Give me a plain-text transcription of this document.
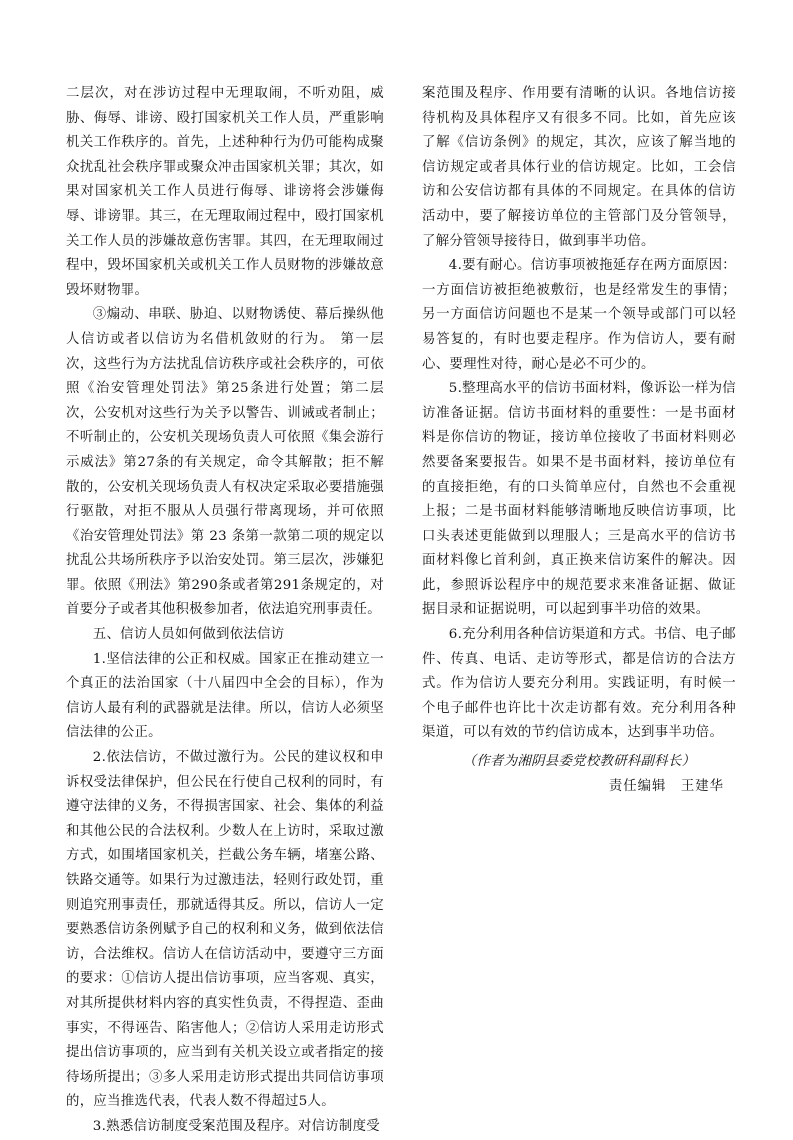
二层次，对在涉访过程中无理取闹，不听劝阻，威胁、侮辱、诽谤、殴打国家机关工作人员，严重影响机关工作秩序的。首先，上述种种行为仍可能构成聚众扰乱社会秩序罪或聚众冲击国家机关罪；其次，如果对国家机关工作人员进行侮辱、诽谤将会涉嫌侮辱、诽谤罪。其三，在无理取闹过程中，殴打国家机关工作人员的涉嫌故意伤害罪。其四，在无理取闹过程中，毁坏国家机关或机关工作人员财物的涉嫌故意毁坏财物罪。

③煽动、串联、胁迫、以财物诱使、幕后操纵他人信访或者以信访为名借机敛财的行为。 第一层次，这些行为方法扰乱信访秩序或社会秩序的，可依照《治安管理处罚法》第25条进行处置；第二层次，公安机对这些行为关予以警告、训诫或者制止；不听制止的，公安机关现场负责人可依照《集会游行示威法》第27条的有关规定，命令其解散；拒不解散的，公安机关现场负责人有权决定采取必要措施强行驱散，对拒不服从人员强行带离现场，并可依照《治安管理处罚法》第 23 条第一款第二项的规定以扰乱公共场所秩序予以治安处罚。第三层次，涉嫌犯罪。依照《刑法》第290条或者第291条规定的，对首要分子或者其他积极参加者，依法追究刑事责任。

五、信访人员如何做到依法信访

1.坚信法律的公正和权威。国家正在推动建立一个真正的法治国家（十八届四中全会的目标），作为信访人最有利的武器就是法律。所以，信访人必须坚信法律的公正。

2.依法信访，不做过激行为。公民的建议权和申诉权受法律保护，但公民在行使自己权利的同时，有遵守法律的义务，不得损害国家、社会、集体的利益和其他公民的合法权利。少数人在上访时，采取过激方式，如围堵国家机关，拦截公务车辆，堵塞公路、铁路交通等。如果行为过激违法，轻则行政处罚，重则追究刑事责任，那就适得其反。所以，信访人一定要熟悉信访条例赋予自己的权利和义务，做到依法信访，合法维权。信访人在信访活动中，要遵守三方面的要求：①信访人提出信访事项，应当客观、真实，对其所提供材料内容的真实性负责，不得捏造、歪曲事实，不得诬告、陷害他人；②信访人采用走访形式提出信访事项的，应当到有关机关设立或者指定的接待场所提出；③多人采用走访形式提出共同信访事项的，应当推选代表，代表人数不得超过5人。

3.熟悉信访制度受案范围及程序。对信访制度受

案范围及程序、作用要有清晰的认识。各地信访接待机构及具体程序又有很多不同。比如，首先应该了解《信访条例》的规定，其次，应该了解当地的信访规定或者具体行业的信访规定。比如，工会信访和公安信访都有具体的不同规定。在具体的信访活动中，要了解接访单位的主管部门及分管领导，了解分管领导接待日，做到事半功倍。

4.要有耐心。信访事项被拖延存在两方面原因：一方面信访被拒绝被敷衍，也是经常发生的事情；另一方面信访问题也不是某一个领导或部门可以轻易答复的，有时也要走程序。作为信访人，要有耐心、要理性对待，耐心是必不可少的。

5.整理高水平的信访书面材料，像诉讼一样为信访准备证据。信访书面材料的重要性：一是书面材料是你信访的物证，接访单位接收了书面材料则必然要备案要报告。如果不是书面材料，接访单位有的直接拒绝，有的口头简单应付，自然也不会重视上报；二是书面材料能够清晰地反映信访事项，比口头表述更能做到以理服人；三是高水平的信访书面材料像匕首利剑，真正换来信访案件的解决。因此，参照诉讼程序中的规范要求来准备证据、做证据目录和证据说明，可以起到事半功倍的效果。

6.充分利用各种信访渠道和方式。书信、电子邮件、传真、电话、走访等形式，都是信访的合法方式。作为信访人要充分利用。实践证明，有时候一个电子邮件也许比十次走访都有效。充分利用各种渠道，可以有效的节约信访成本，达到事半功倍。

（作者为湘阴县委党校教研科副科长）

责任编辑　王建华
